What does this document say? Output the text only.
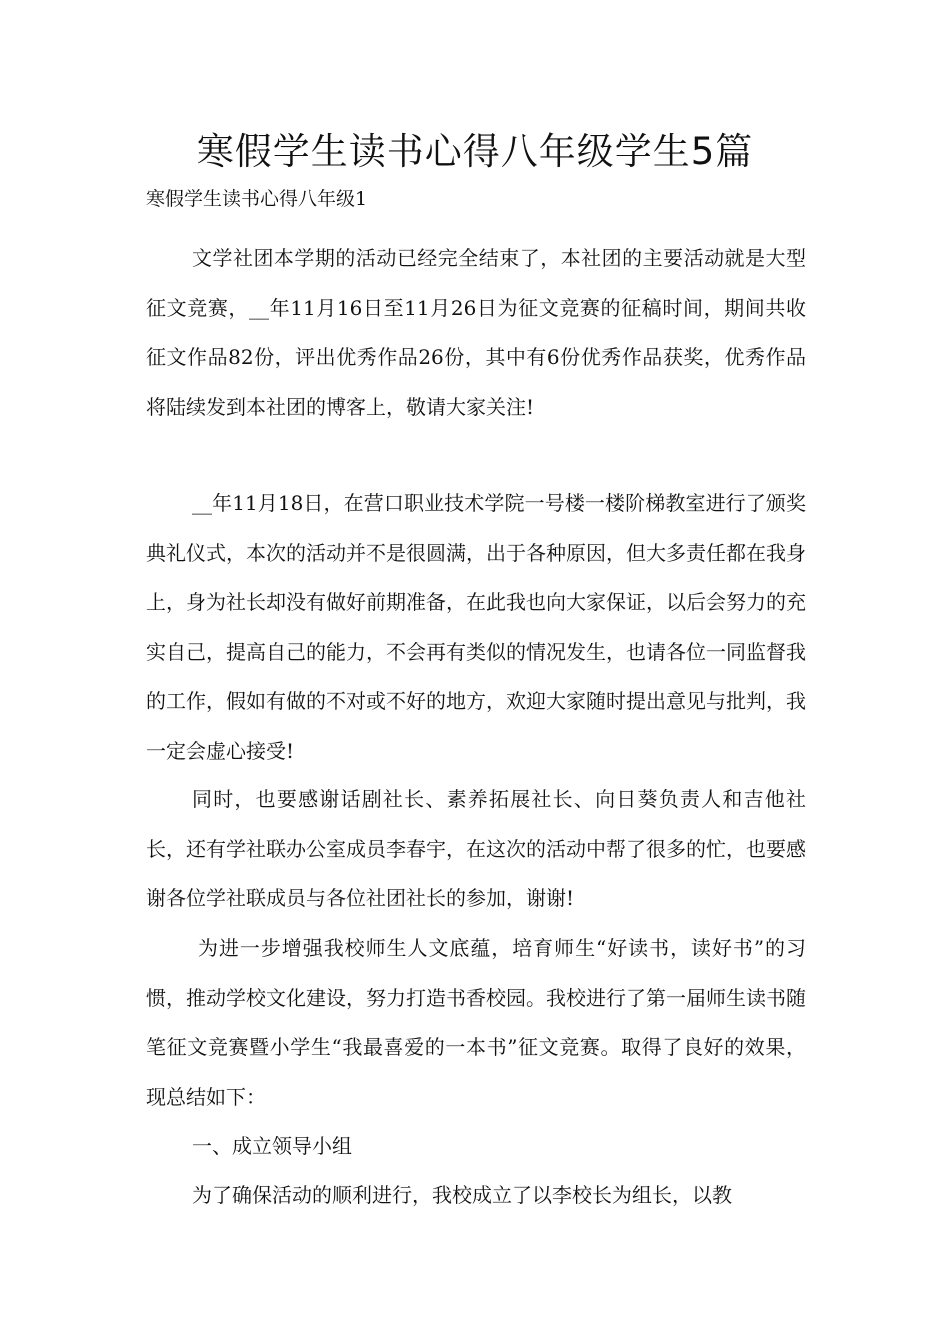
寒假学生读书心得八年级学生5篇
寒假学生读书心得八年级1

文学社团本学期的活动已经完全结束了，本社团的主要活动就是大型征文竞赛，__年11月16日至11月26日为征文竞赛的征稿时间，期间共收征文作品82份，评出优秀作品26份，其中有6份优秀作品获奖，优秀作品将陆续发到本社团的博客上，敬请大家关注!

__年11月18日，在营口职业技术学院一号楼一楼阶梯教室进行了颁奖典礼仪式，本次的活动并不是很圆满，出于各种原因，但大多责任都在我身上，身为社长却没有做好前期准备，在此我也向大家保证，以后会努力的充实自己，提高自己的能力，不会再有类似的情况发生，也请各位一同监督我的工作，假如有做的不对或不好的地方，欢迎大家随时提出意见与批判，我一定会虚心接受!

同时，也要感谢话剧社长、素养拓展社长、向日葵负责人和吉他社长，还有学社联办公室成员李春宇，在这次的活动中帮了很多的忙，也要感谢各位学社联成员与各位社团社长的参加，谢谢!

为进一步增强我校师生人文底蕴，培育师生“好读书，读好书”的习惯，推动学校文化建设，努力打造书香校园。我校进行了第一届师生读书随笔征文竞赛暨小学生“我最喜爱的一本书”征文竞赛。取得了良好的效果，现总结如下：

一、成立领导小组

为了确保活动的顺利进行，我校成立了以李校长为组长，以教
